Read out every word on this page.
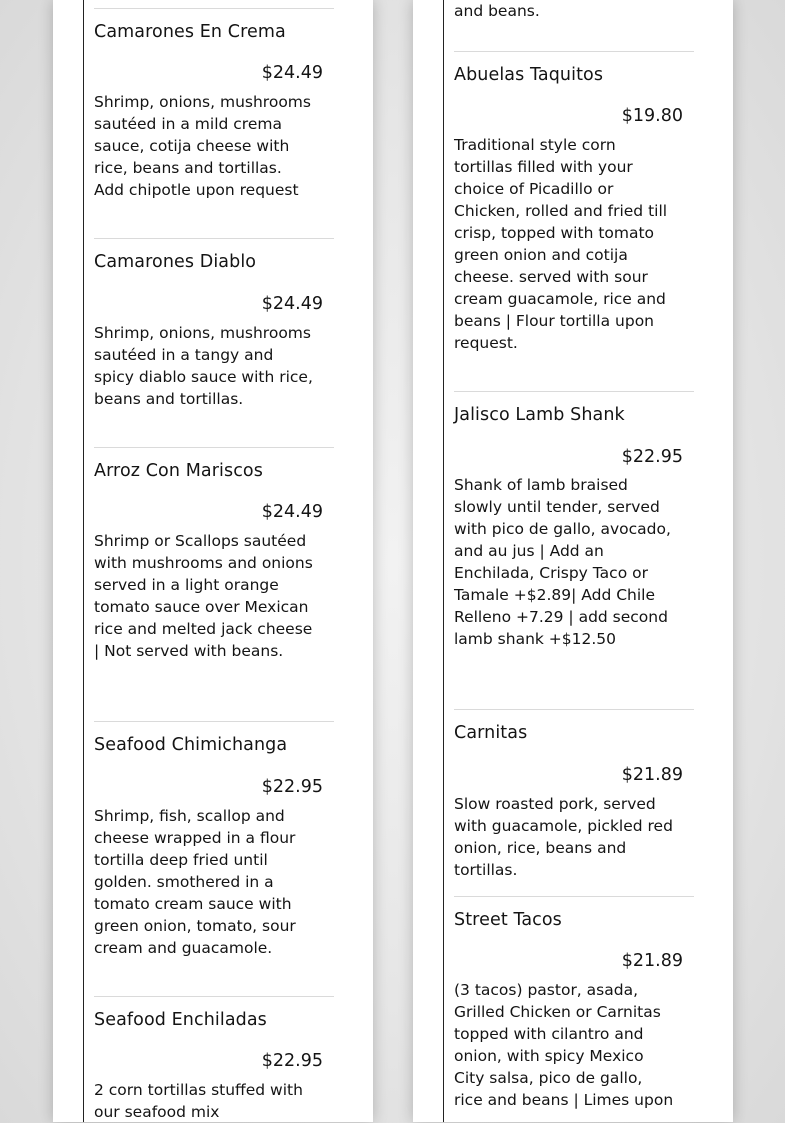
Camarones En Crema
$24.49
Shrimp, onions, mushrooms sautéed in a mild crema sauce, cotija cheese with rice, beans and tortillas. Add chipotle upon request
Camarones Diablo
$24.49
Shrimp, onions, mushrooms sautéed in a tangy and spicy diablo sauce with rice, beans and tortillas.
Arroz Con Mariscos
$24.49
Shrimp or Scallops sautéed with mushrooms and onions served in a light orange tomato sauce over Mexican rice and melted jack cheese | Not served with beans.
Seafood Chimichanga
$22.95
Shrimp, fish, scallop and cheese wrapped in a flour tortilla deep fried until golden. smothered in a tomato cream sauce with green onion, tomato, sour cream and guacamole.
Seafood Enchiladas
$22.95
2 corn tortillas stuffed with our seafood mix
and beans.
Abuelas Taquitos
$19.80
Traditional style corn tortillas filled with your choice of Picadillo or Chicken, rolled and fried till crisp, topped with tomato green onion and cotija cheese. served with sour cream guacamole, rice and beans | Flour tortilla upon request.
Jalisco Lamb Shank
$22.95
Shank of lamb braised slowly until tender, served with pico de gallo, avocado, and au jus | Add an Enchilada, Crispy Taco or Tamale +$2.89| Add Chile Relleno +7.29 | add second lamb shank +$12.50
Carnitas
$21.89
Slow roasted pork, served with guacamole, pickled red onion, rice, beans and tortillas.
Street Tacos
$21.89
(3 tacos) pastor, asada, Grilled Chicken or Carnitas topped with cilantro and onion, with spicy Mexico City salsa, pico de gallo, rice and beans | Limes upon
